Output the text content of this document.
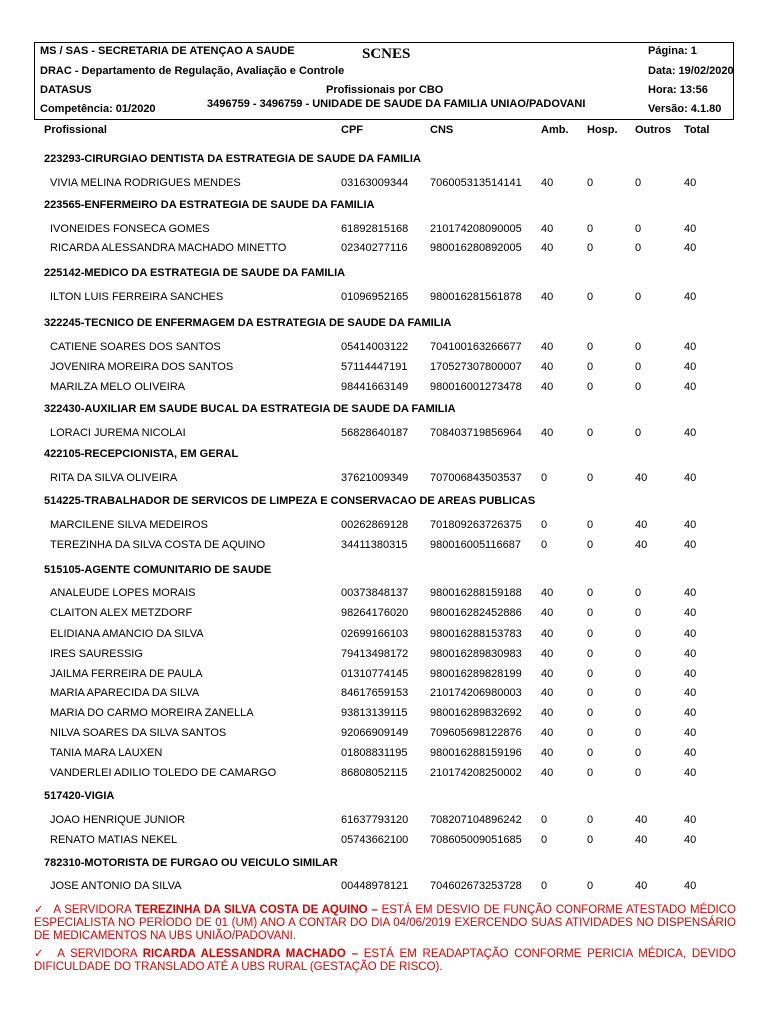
MS / SAS - SECRETARIA DE ATENÇAO A SAUDE	SCNES	Página: 1
DRAC - Departamento de Regulação, Avaliação e Controle	Data: 19/02/2020
DATASUS	Profissionais por CBO	Hora: 13:56
Competência: 01/2020	3496759 - 3496759 - UNIDADE DE SAUDE DA FAMILIA UNIAO/PADOVANI	Versão: 4.1.80
Profissional	CPF	CNS	Amb. Hosp. Outros Total
223293-CIRURGIAO DENTISTA DA ESTRATEGIA DE SAUDE DA FAMILIA
VIVIA MELINA RODRIGUES MENDES	03163009344 706005313514141 40	0	0	40
223565-ENFERMEIRO DA ESTRATEGIA DE SAUDE DA FAMILIA
IVONEIDES FONSECA GOMES	61892815168 210174208090005 40	0	0	40
RICARDA ALESSANDRA MACHADO MINETTO	02340277116 980016280892005 40	0	0	40
225142-MEDICO DA ESTRATEGIA DE SAUDE DA FAMILIA
ILTON LUIS FERREIRA SANCHES	01096952165 980016281561878 40	0	0	40
322245-TECNICO DE ENFERMAGEM DA ESTRATEGIA DE SAUDE DA FAMILIA
CATIENE SOARES DOS SANTOS	05414003122 704100163266677 40	0	0	40
JOVENIRA MOREIRA DOS SANTOS	57114447191 170527307800007 40	0	0	40
MARILZA MELO OLIVEIRA	98441663149 980016001273478 40	0	0	40
322430-AUXILIAR EM SAUDE BUCAL DA ESTRATEGIA DE SAUDE DA FAMILIA
LORACI JUREMA NICOLAI	56828640187 708403719856964 40	0	0	40
422105-RECEPCIONISTA, EM GERAL
RITA DA SILVA OLIVEIRA	37621009349 707006843503537 0	0	40	40
514225-TRABALHADOR DE SERVICOS DE LIMPEZA E CONSERVACAO DE AREAS PUBLICAS
MARCILENE SILVA MEDEIROS	00262869128 701809263726375 0	0	40	40
TEREZINHA DA SILVA COSTA DE AQUINO	34411380315 980016005116687 0	0	40	40
515105-AGENTE COMUNITARIO DE SAUDE
ANALEUDE LOPES MORAIS	00373848137 980016288159188 40	0	0	40
CLAITON ALEX METZDORF	98264176020 980016282452886 40	0	0	40
ELIDIANA AMANCIO DA SILVA	02699166103 980016288153783 40	0	0	40
IRES SAURESSIG	79413498172 980016289830983 40	0	0	40
JAILMA FERREIRA DE PAULA	01310774145 980016289828199 40	0	0	40
MARIA APARECIDA DA SILVA	84617659153 210174206980003 40	0	0	40
MARIA DO CARMO MOREIRA ZANELLA	93813139115 980016289832692 40	0	0	40
NILVA SOARES DA SILVA SANTOS	92066909149 709605698122876 40	0	0	40
TANIA MARA LAUXEN	01808831195 980016288159196 40	0	0	40
VANDERLEI ADILIO TOLEDO DE CAMARGO	86808052115 210174208250002 40	0	0	40
517420-VIGIA
JOAO HENRIQUE JUNIOR	61637793120 708207104896242 0	0	40	40
RENATO MATIAS NEKEL	05743662100 708605009051685 0	0	40	40
782310-MOTORISTA DE FURGAO OU VEICULO SIMILAR
JOSE ANTONIO DA SILVA	00448978121 704602673253728 0	0	40	40
✓ A SERVIDORA TEREZINHA DA SILVA COSTA DE AQUINO – ESTÁ EM DESVIO DE FUNÇÃO CONFORME ATESTADO MÉDICO ESPECIALISTA NO PERÍODO DE 01 (UM) ANO A CONTAR DO DIA 04/06/2019 EXERCENDO SUAS ATIVIDADES NO DISPENSÁRIO DE MEDICAMENTOS NA UBS UNIÃO/PADOVANI.
✓ A SERVIDORA RICARDA ALESSANDRA MACHADO – ESTÁ EM READAPTAÇÃO CONFORME PERICIA MÉDICA, DEVIDO DIFICULDADE DO TRANSLADO ATÉ A UBS RURAL (GESTAÇÃO DE RISCO).
